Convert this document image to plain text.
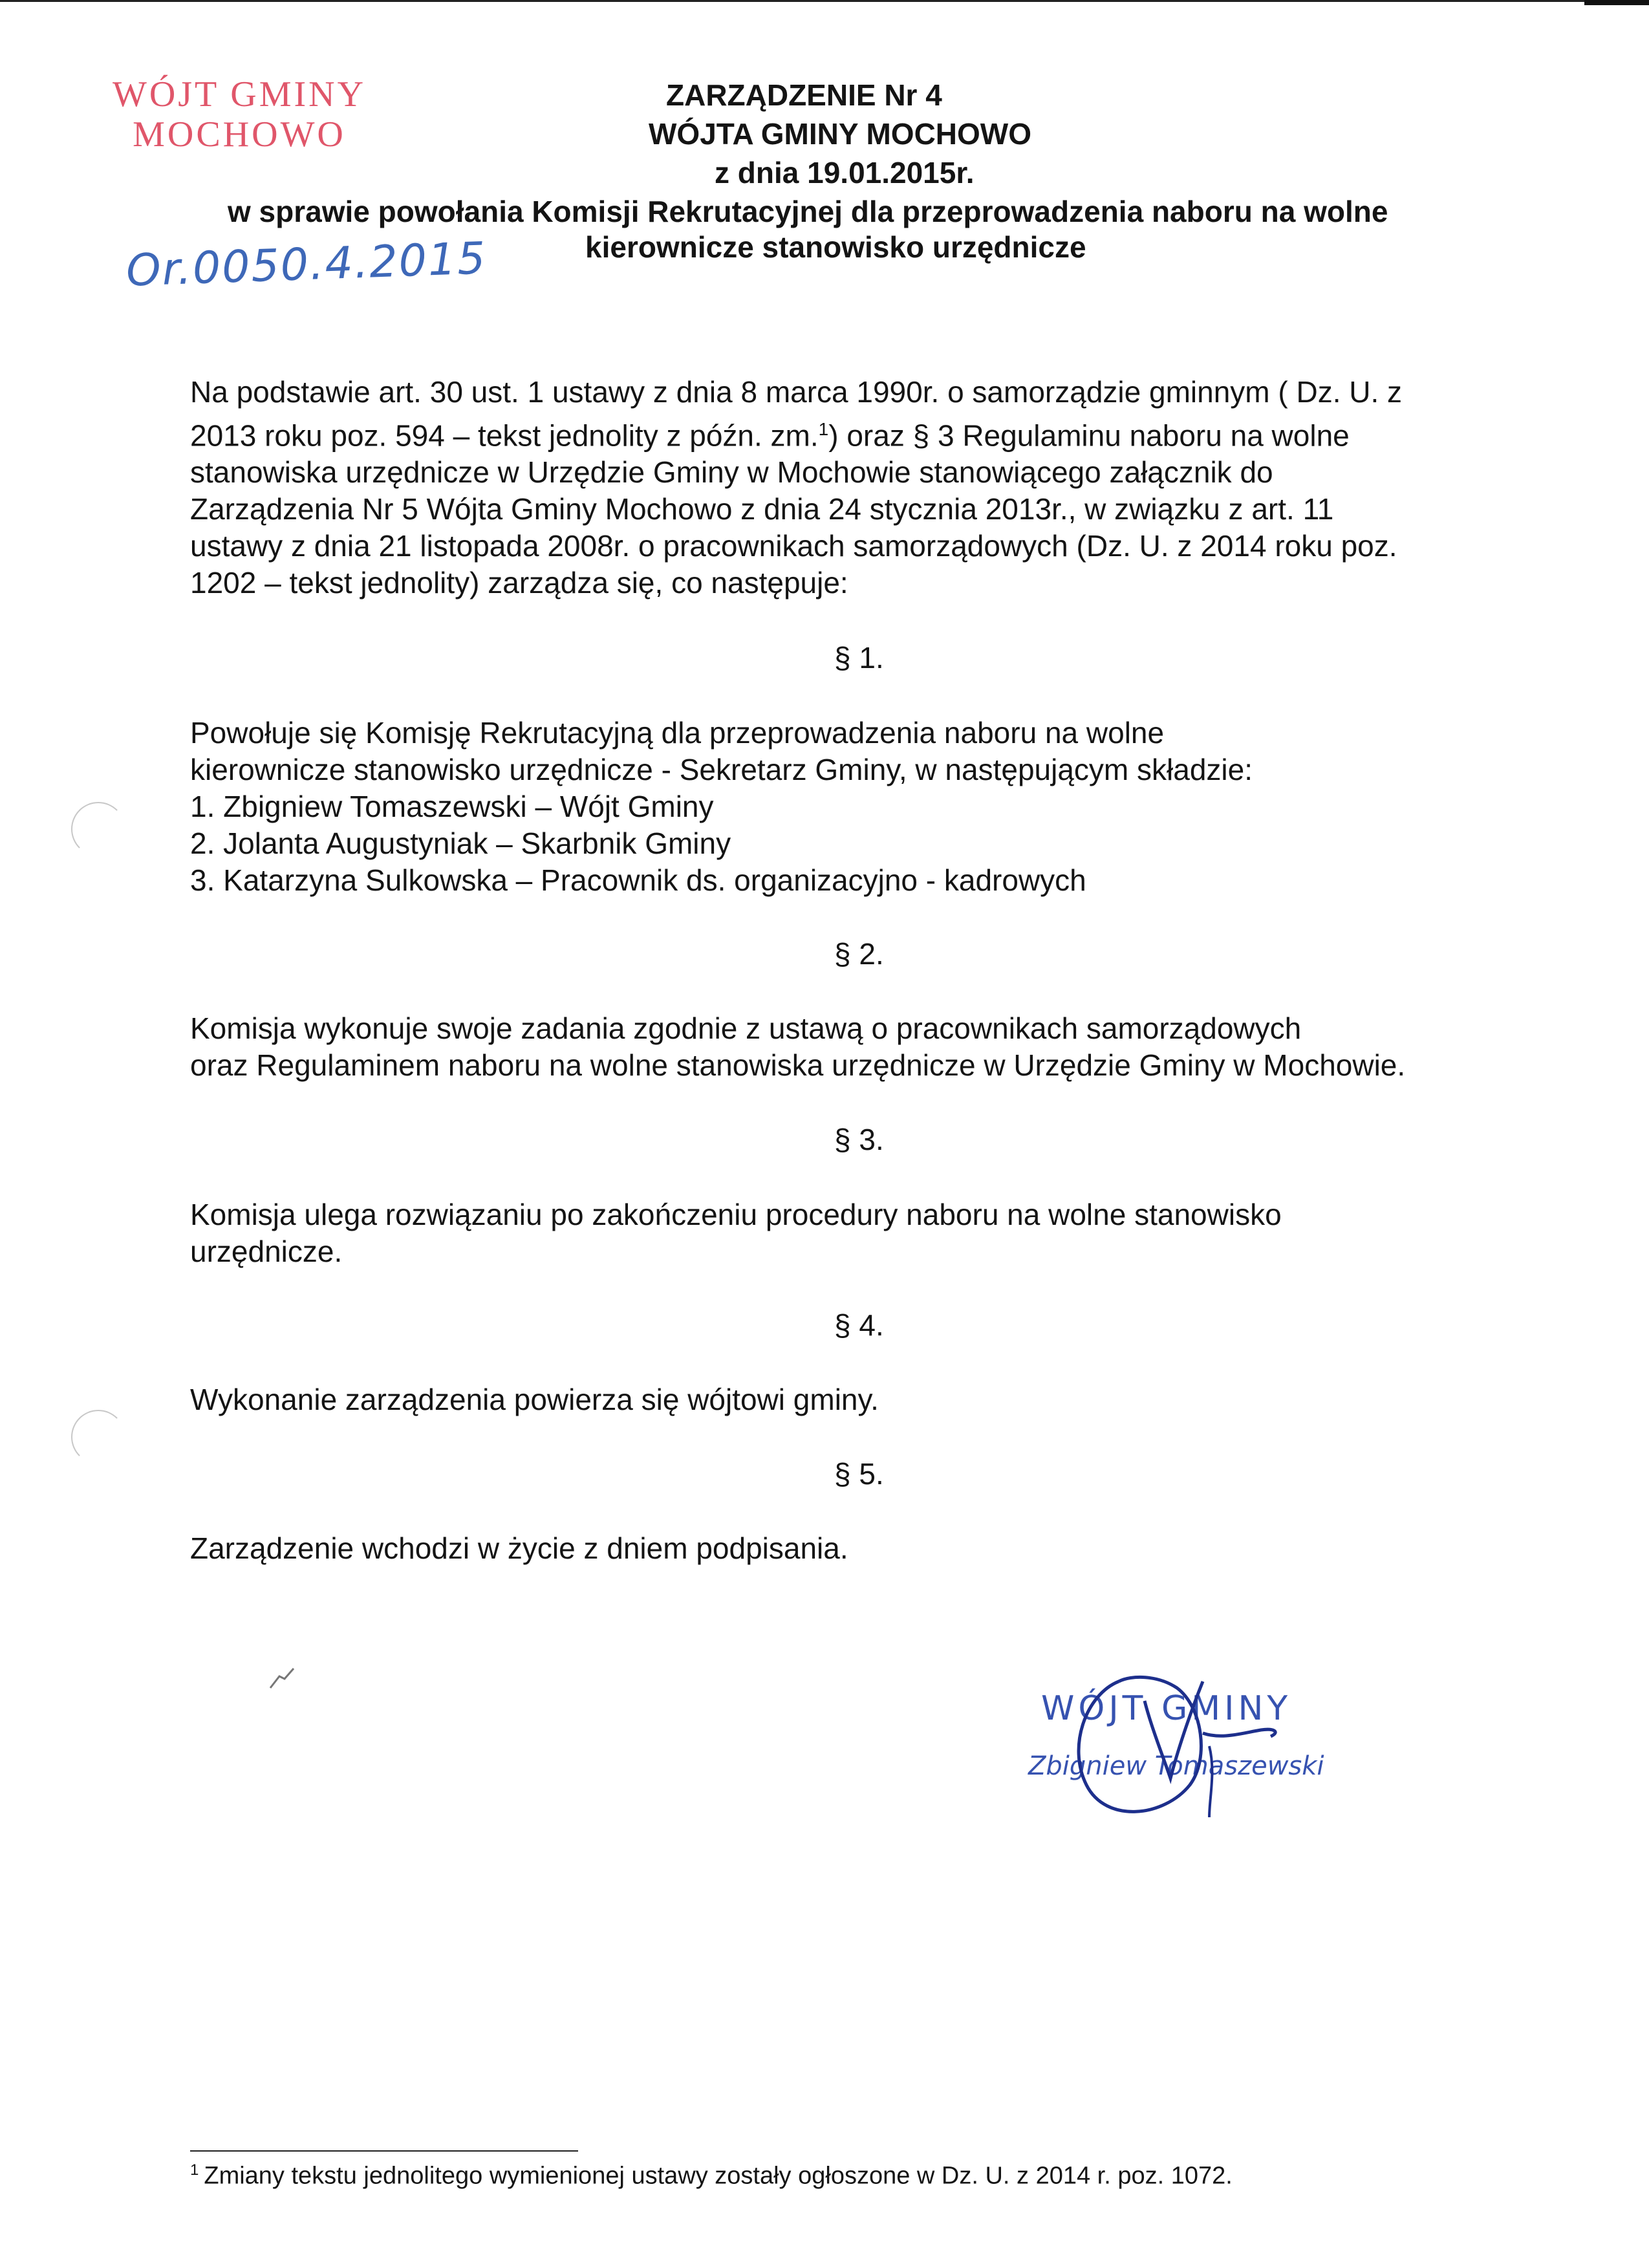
WÓJT GMINY
MOCHOWO
Or.0050.4.2015
ZARZĄDZENIE Nr 4
WÓJTA GMINY MOCHOWO
z dnia 19.01.2015r.
w sprawie powołania Komisji Rekrutacyjnej dla przeprowadzenia naboru na wolne
kierownicze stanowisko urzędnicze
Na podstawie art. 30 ust. 1 ustawy z dnia 8 marca 1990r. o samorządzie gminnym ( Dz. U. z
2013 roku poz. 594 – tekst jednolity z późn. zm.$^1$) oraz § 3 Regulaminu naboru na wolne
stanowiska urzędnicze w Urzędzie Gminy w Mochowie stanowiącego załącznik do
Zarządzenia Nr 5 Wójta Gminy Mochowo z dnia 24 stycznia 2013r., w związku z art. 11
ustawy z dnia 21 listopada 2008r. o pracownikach samorządowych (Dz. U. z 2014 roku poz.
1202 – tekst jednolity) zarządza się, co następuje:
§ 1.
Powołuje się Komisję Rekrutacyjną dla przeprowadzenia naboru na wolne
kierownicze stanowisko urzędnicze - Sekretarz Gminy, w następującym składzie:
1. Zbigniew Tomaszewski – Wójt Gminy
2. Jolanta Augustyniak – Skarbnik Gminy
3. Katarzyna Sulkowska – Pracownik ds. organizacyjno - kadrowych
§ 2.
Komisja wykonuje swoje zadania zgodnie z ustawą o pracownikach samorządowych
oraz Regulaminem naboru na wolne stanowiska urzędnicze w Urzędzie Gminy w Mochowie.
§ 3.
Komisja ulega rozwiązaniu po zakończeniu procedury naboru na wolne stanowisko
urzędnicze.
§ 4.
Wykonanie zarządzenia powierza się wójtowi gminy.
§ 5.
Zarządzenie wchodzi w życie z dniem podpisania.
WÓJT GMINY
Zbigniew Tomaszewski
$^1$ Zmiany tekstu jednolitego wymienionej ustawy zostały ogłoszone w Dz. U. z 2014 r. poz. 1072.
